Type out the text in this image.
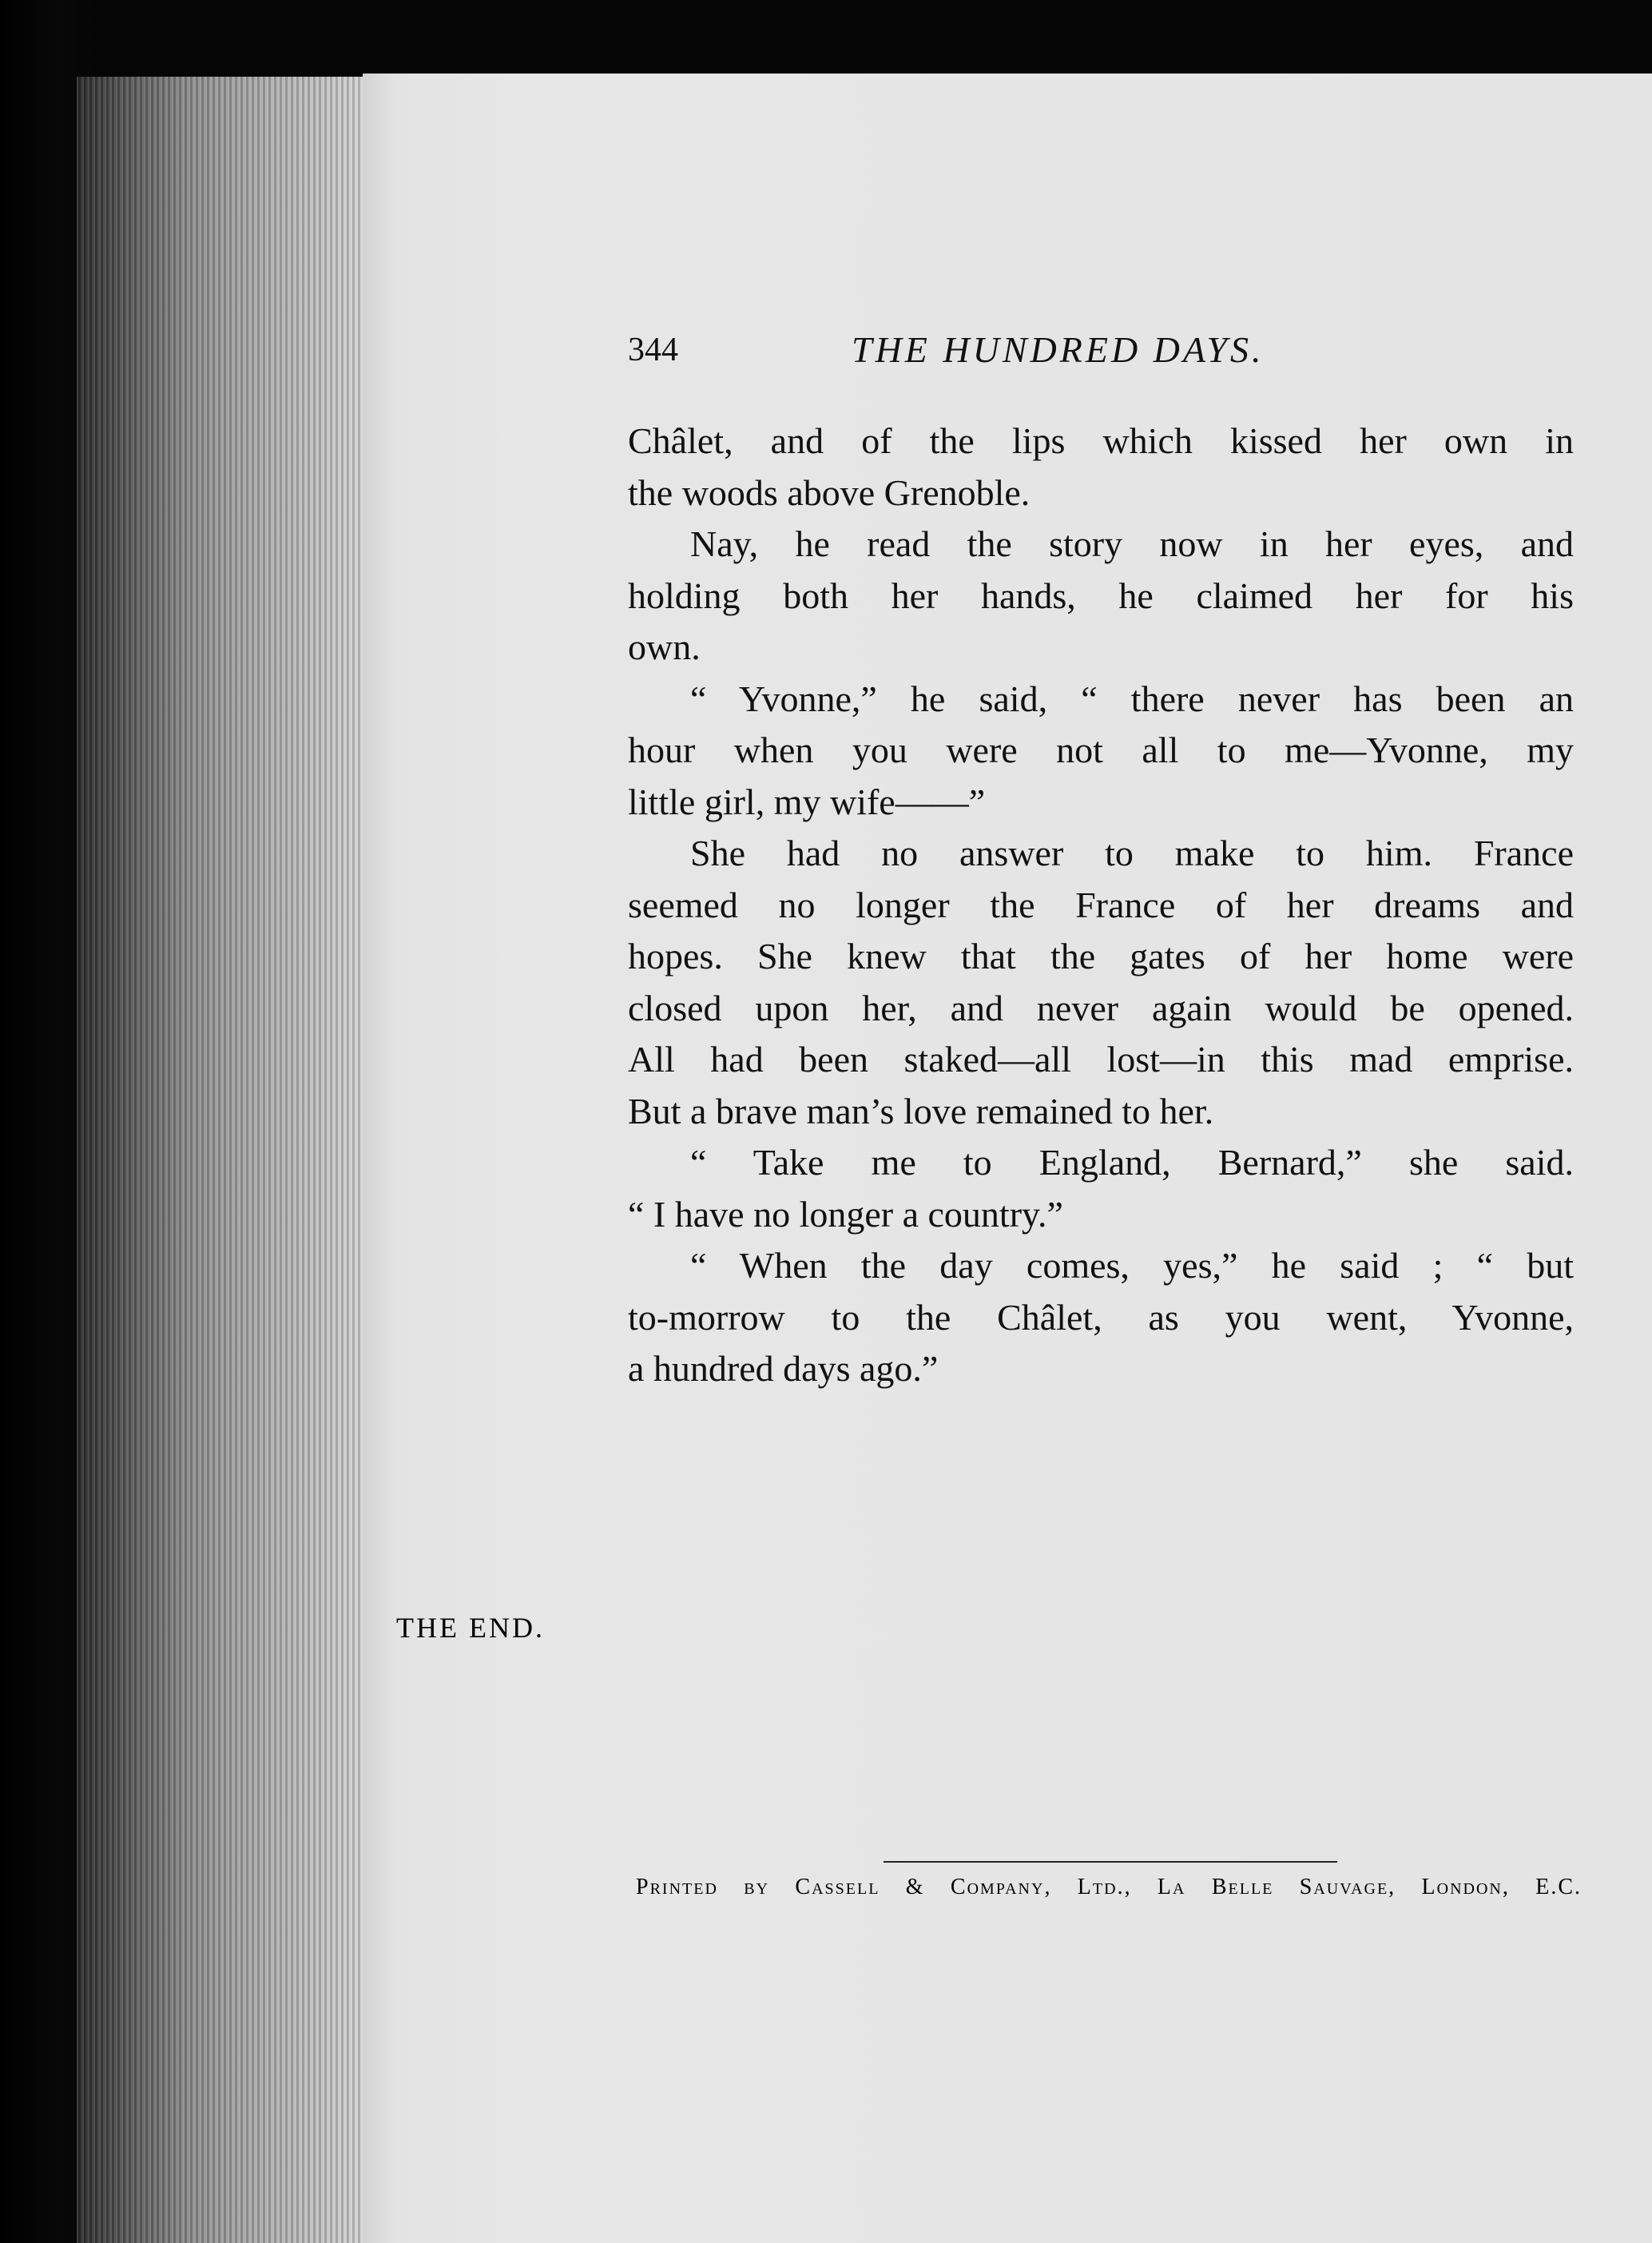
344	THE HUNDRED DAYS.
Châlet, and of the lips which kissed her own in
the woods above Grenoble.
Nay, he read the story now in her eyes, and
holding both her hands, he claimed her for his
own.
“ Yvonne,” he said, “ there never has been an
hour when you were not all to me—Yvonne, my
little girl, my wife——”
She had no answer to make to him. France
seemed no longer the France of her dreams and
hopes. She knew that the gates of her home were
closed upon her, and never again would be opened.
All had been staked—all lost—in this mad emprise.
But a brave man’s love remained to her.
“ Take me to England, Bernard,” she said.
“ I have no longer a country.”
“ When the day comes, yes,” he said ; “ but
to-morrow to the Châlet, as you went, Yvonne,
a hundred days ago.”
THE END.
Printed by Cassell & Company, Ltd., La Belle Sauvage, London, E.C.
